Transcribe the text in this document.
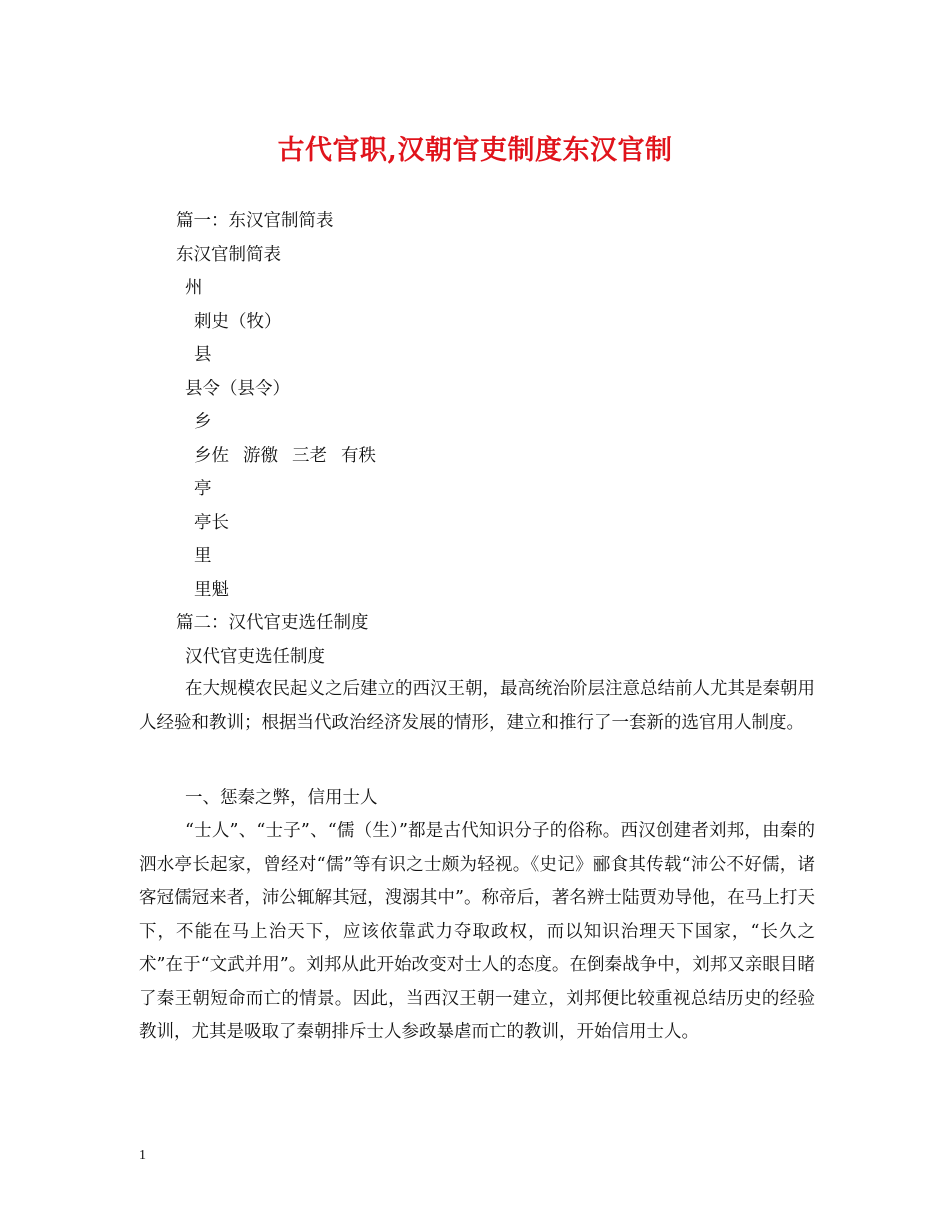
古代官职,汉朝官吏制度东汉官制
篇一：东汉官制简表
东汉官制简表
州
刺史（牧）
县
县令（县令）
乡
乡佐 游徼 三老 有秩
亭
亭长
里
里魁
篇二：汉代官吏选任制度
汉代官吏选任制度
在大规模农民起义之后建立的西汉王朝，最高统治阶层注意总结前人尤其是秦朝用人经验和教训；根据当代政治经济发展的情形，建立和推行了一套新的选官用人制度。
一、惩秦之弊，信用士人
“士人”、“士子”、“儒（生）”都是古代知识分子的俗称。西汉创建者刘邦，由秦的泗水亭长起家，曾经对“儒”等有识之士颇为轻视。《史记》郦食其传载“沛公不好儒，诸客冠儒冠来者，沛公辄解其冠，溲溺其中”。称帝后，著名辨士陆贾劝导他，在马上打天下，不能在马上治天下，应该依靠武力夺取政权，而以知识治理天下国家，“长久之术”在于“文武并用”。刘邦从此开始改变对士人的态度。在倒秦战争中，刘邦又亲眼目睹了秦王朝短命而亡的情景。因此，当西汉王朝一建立，刘邦便比较重视总结历史的经验教训，尤其是吸取了秦朝排斥士人参政暴虐而亡的教训，开始信用士人。
1
